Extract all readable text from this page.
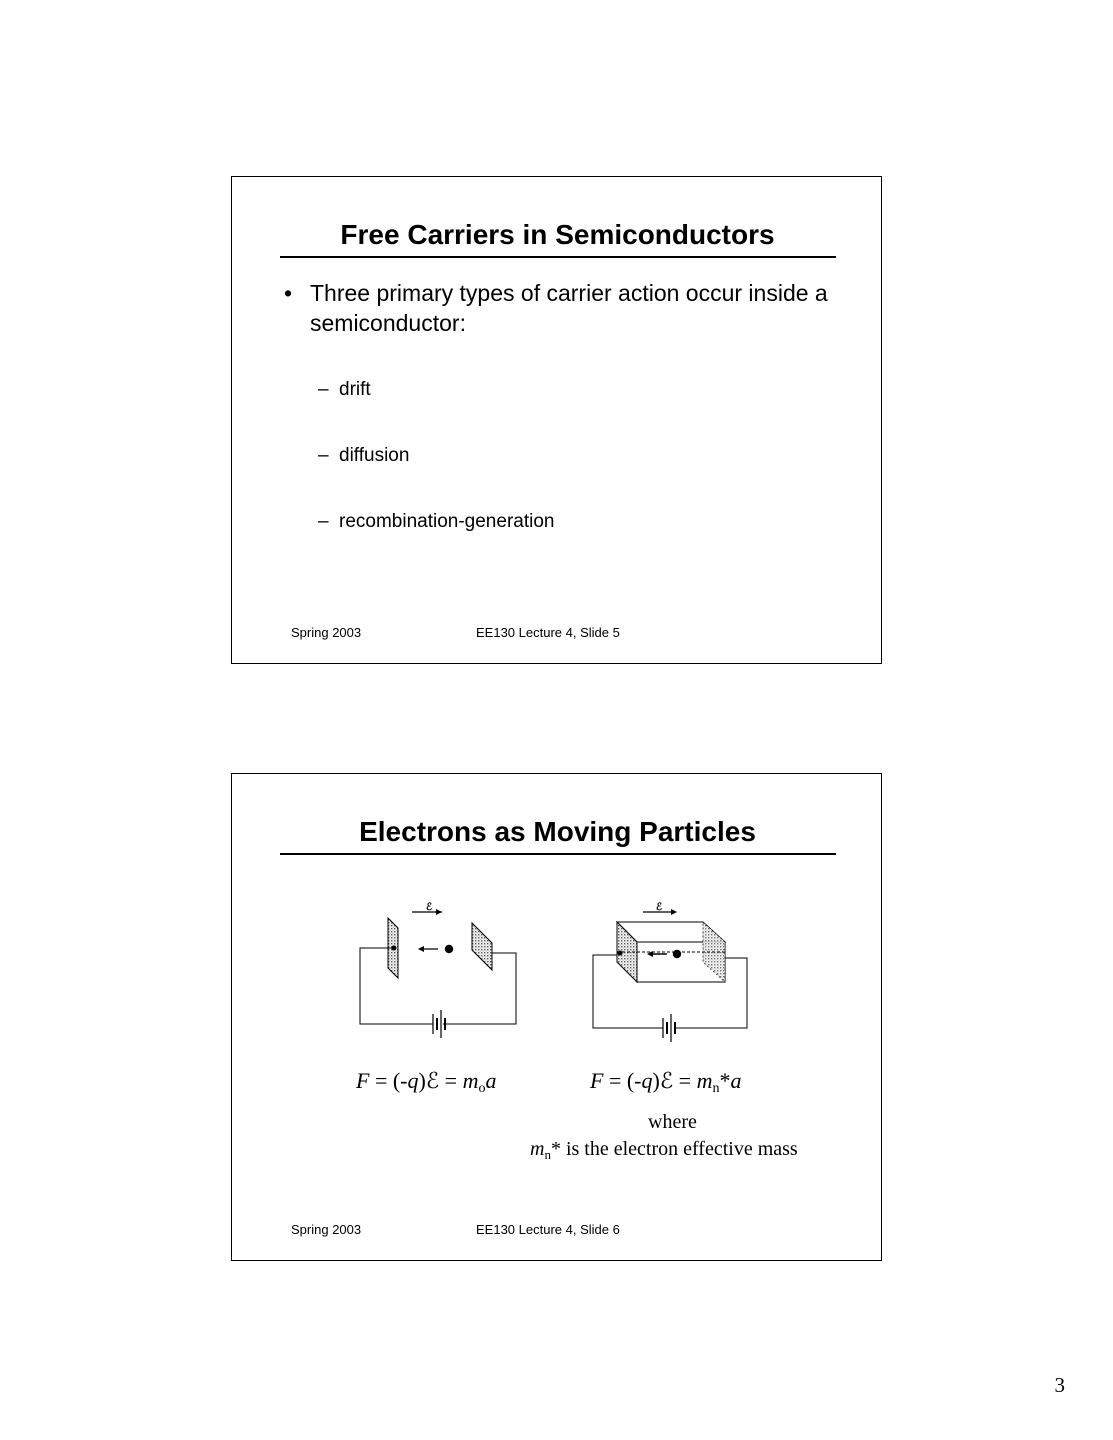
Free Carriers in Semiconductors
• Three primary types of carrier action occur inside a semiconductor:
– drift
– diffusion
– recombination-generation
Spring 2003	EE130 Lecture 4, Slide 5
Electrons as Moving Particles
ℰ	ℰ
F = (-q)ℰ = $m_oa$	F = (-q)ℰ = $m_n*a$
where
$m_n*$ is the electron effective mass
Spring 2003	EE130 Lecture 4, Slide 6
3
